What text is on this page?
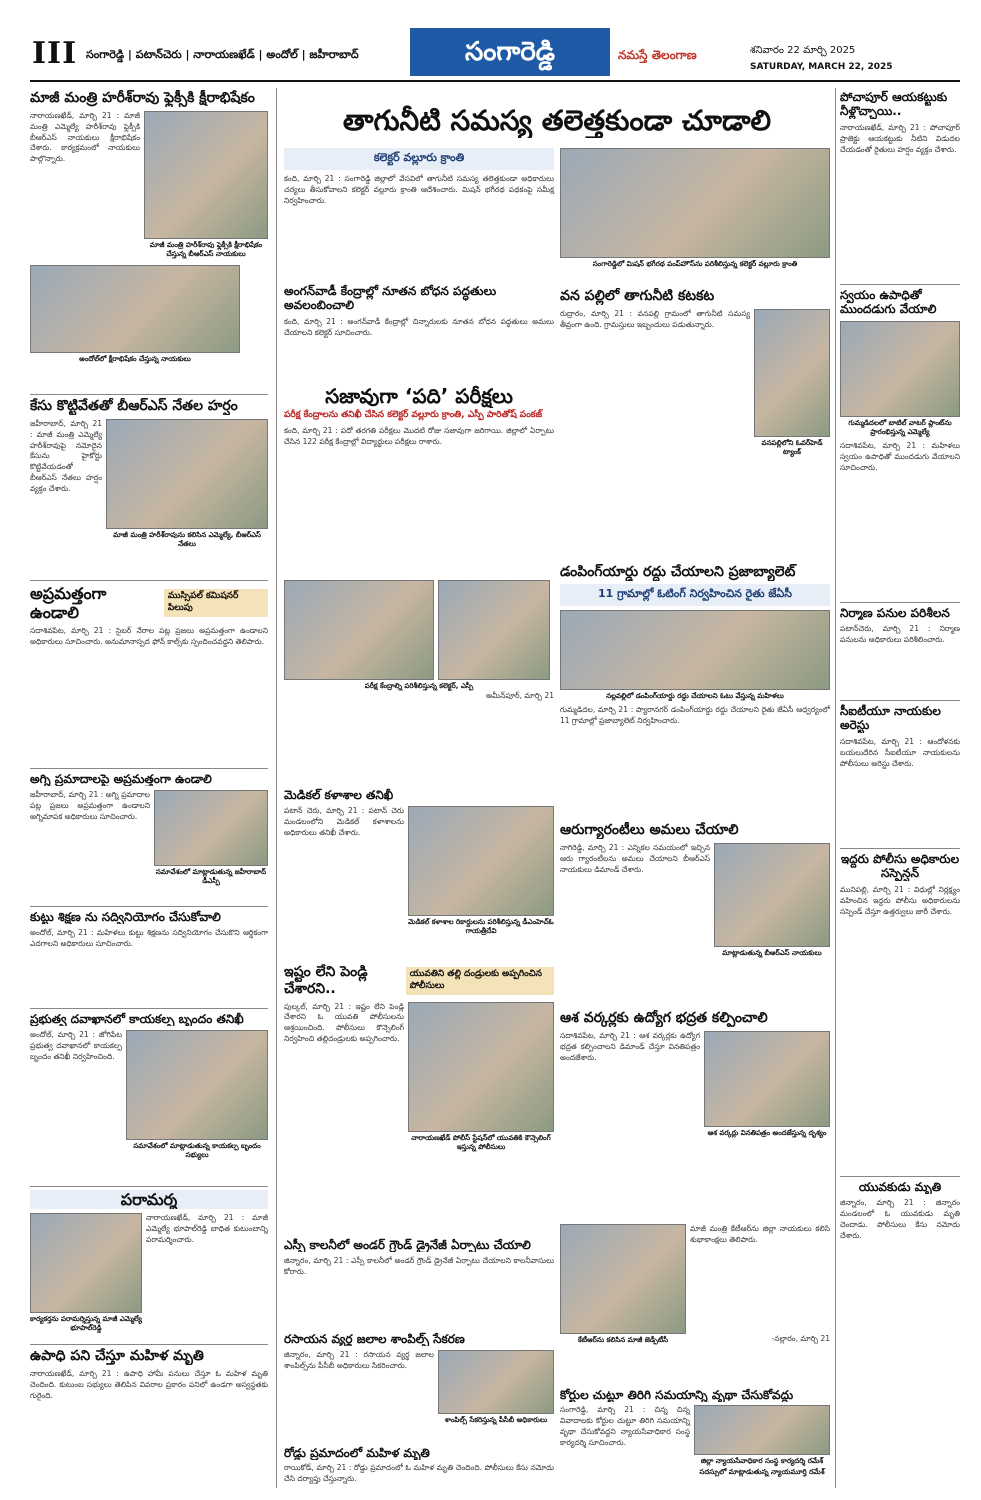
III సంగారెడ్డి | పటాన్‌చెరు | నారాయణఖేడ్ | అందోల్ | జహీరాబాద్	సంగారెడ్డి	నమస్తే తెలంగాణ	శనివారం 22 మార్చి 2025
SATURDAY, MARCH 22, 2025
మాజీ మంత్రి హరీశ్‌రావు ఫ్లెక్సీకి క్షీరాభిషేకం
నారాయణఖేడ్, మార్చి 21 : మాజీ మంత్రి ఎమ్మెల్యే హరీశ్‌రావు ఫ్లెక్సీకి బీఆర్‌ఎస్ నాయకులు క్షీరాభిషేకం చేశారు. కార్యక్రమంలో నాయకులు పాల్గొన్నారు.
మాజీ మంత్రి హరీశ్‌రావు ఫ్లెక్సీకి క్షీరాభిషేకం చేస్తున్న బీఆర్‌ఎస్ నాయకులు
అందోల్‌లో క్షీరాభిషేకం చేస్తున్న నాయకులు
కేసు కొట్టివేతతో బీఆర్‌ఎస్ నేతల హర్షం
జహీరాబాద్, మార్చి 21 : మాజీ మంత్రి ఎమ్మెల్యే హరీశ్‌రావుపై నమోదైన కేసును హైకోర్టు కొట్టివేయడంతో బీఆర్‌ఎస్ నేతలు హర్షం వ్యక్తం చేశారు.
మాజీ మంత్రి హరీశ్‌రావును కలిసిన ఎమ్మెల్యే, బీఆర్‌ఎస్ నేతలు
అప్రమత్తంగా ఉండాలి
ముస్సిపల్ కమిషనర్ పిలుపు
సదాశివపేట, మార్చి 21 : సైబర్ నేరాల పట్ల ప్రజలు అప్రమత్తంగా ఉండాలని అధికారులు సూచించారు. అనుమానాస్పద ఫోన్ కాల్స్‌కు స్పందించవద్దని తెలిపారు.
అగ్ని ప్రమాదాలపై అప్రమత్తంగా ఉండాలి
జహీరాబాద్, మార్చి 21 : అగ్ని ప్రమాదాల పట్ల ప్రజలు అప్రమత్తంగా ఉండాలని అగ్నిమాపక అధికారులు సూచించారు.
సమావేశంలో మాట్లాడుతున్న జహీరాబాద్ డీఎస్పీ
కుట్టు శిక్షణ ను సద్వినియోగం చేసుకోవాలి
అందోల్, మార్చి 21 : మహిళలు కుట్టు శిక్షణను సద్వినియోగం చేసుకొని ఆర్థికంగా ఎదగాలని అధికారులు సూచించారు.
ప్రభుత్వ దవాఖానలో కాయకల్ప బృందం తనిఖీ
అందోల్, మార్చి 21 : జోగిపేట ప్రభుత్వ దవాఖానలో కాయకల్ప బృందం తనిఖీ నిర్వహించింది.
సమావేశంలో మాట్లాడుతున్న కాయకల్ప బృందం సభ్యులు
పరామర్శ
కార్యకర్తను పరామర్శిస్తున్న మాజీ ఎమ్మెల్యే భూపాల్‌రెడ్డి
నారాయణఖేడ్, మార్చి 21 : మాజీ ఎమ్మెల్యే భూపాల్‌రెడ్డి బాధిత కుటుంబాన్ని పరామర్శించారు.
ఉపాధి పని చేస్తూ మహిళ మృతి
నారాయణఖేడ్, మార్చి 21 : ఉపాధి హామీ పనులు చేస్తూ ఓ మహిళ మృతి చెందింది. కుటుంబ సభ్యులు తెలిపిన వివరాల ప్రకారం పనిలో ఉండగా అస్వస్థతకు గురైంది.
తాగునీటి సమస్య తలెత్తకుండా చూడాలి
కలెక్టర్ వల్లూరు క్రాంతి
కంది, మార్చి 21 : సంగారెడ్డి జిల్లాలో వేసవిలో తాగునీటి సమస్య తలెత్తకుండా అధికారులు చర్యలు తీసుకోవాలని కలెక్టర్ వల్లూరు క్రాంతి ఆదేశించారు. మిషన్ భగీరథ పథకంపై సమీక్ష నిర్వహించారు.
సంగారెడ్డిలో మిషన్ భగీరథ పంప్‌హౌస్‌ను పరిశీలిస్తున్న కలెక్టర్ వల్లూరు క్రాంతి
అంగన్‌వాడీ కేంద్రాల్లో నూతన బోధన పద్ధతులు అవలంబించాలి
కంది, మార్చి 21 : అంగన్‌వాడీ కేంద్రాల్లో చిన్నారులకు నూతన బోధన పద్ధతులు అమలు చేయాలని కలెక్టర్ సూచించారు.
వన పల్లిలో తాగునీటి కటకట
రుద్రారం, మార్చి 21 : వనపల్లి గ్రామంలో తాగునీటి సమస్య తీవ్రంగా ఉంది. గ్రామస్తులు ఇబ్బందులు పడుతున్నారు.
వనపల్లిలోని ఓవర్‌హెడ్ ట్యాంక్
సజావుగా ‘పది’ పరీక్షలు
పరీక్ష కేంద్రాలను తనిఖీ చేసిన కలెక్టర్ వల్లూరు క్రాంతి, ఎస్పీ పారితోష్ పంకజ్
కంది, మార్చి 21 : పదో తరగతి పరీక్షలు మొదటి రోజు సజావుగా జరిగాయి. జిల్లాలో ఏర్పాటు చేసిన 122 పరీక్ష కేంద్రాల్లో విద్యార్థులు పరీక్షలు రాశారు.
పరీక్ష కేంద్రాల్ని పరిశీలిస్తున్న కలెక్టర్, ఎస్పీ
అమీన్‌పూర్, మార్చి 21
డంపింగ్‌యార్డు రద్దు చేయాలని ప్రజాబ్యాలెట్
11 గ్రామాల్లో ఓటింగ్ నిర్వహించిన రైతు జేఏసీ
నల్లవల్లిలో డంపింగ్‌యార్డు రద్దు చేయాలని ఓటు వేస్తున్న మహిళలు
గుమ్మడిదల, మార్చి 21 : ప్యారానగర్ డంపింగ్‌యార్డు రద్దు చేయాలని రైతు జేఏసీ ఆధ్వర్యంలో 11 గ్రామాల్లో ప్రజాబ్యాలెట్ నిర్వహించారు.
మెడికల్ కళాశాల తనిఖీ
పటాన్ చెరు, మార్చి 21 : పటాన్ చెరు మండలంలోని మెడికల్ కళాశాలను అధికారులు తనిఖీ చేశారు.
మెడికల్ కళాశాల రికార్డులను పరిశీలిస్తున్న డీఎంహెచ్‌ఓ గాయత్రీదేవి
ఆరుగ్యారంటీలు అమలు చేయాలి
నాగిరెడ్డి, మార్చి 21 : ఎన్నికల సమయంలో ఇచ్చిన ఆరు గ్యారంటీలను అమలు చేయాలని బీఆర్‌ఎస్ నాయకులు డిమాండ్ చేశారు.
మాట్లాడుతున్న బీఆర్‌ఎస్ నాయకులు
ఇష్టం లేని పెండ్లి చేశారని..
యువతిని తల్లి దండ్రులకు అప్పగించిన పోలీసులు
పుల్కల్, మార్చి 21 : ఇష్టం లేని పెండ్లి చేశారని ఓ యువతి పోలీసులను ఆశ్రయించింది. పోలీసులు కౌన్సెలింగ్ నిర్వహించి తల్లిదండ్రులకు అప్పగించారు.
నారాయణఖేడ్ పోలీస్ స్టేషన్‌లో యువతికి కౌన్సెలింగ్ ఇస్తున్న పోలీసులు
ఆశ వర్కర్లకు ఉద్యోగ భద్రత కల్పించాలి
సదాశివపేట, మార్చి 21 : ఆశ వర్కర్లకు ఉద్యోగ భద్రత కల్పించాలని డిమాండ్ చేస్తూ వినతిపత్రం అందజేశారు.
ఆశ వర్కర్లు వినతిపత్రం అందజేస్తున్న దృశ్యం
ఎస్సీ కాలనీలో అండర్ గ్రౌండ్ డ్రైనేజీ ఏర్పాటు చేయాలి
జిన్నారం, మార్చి 21 : ఎస్సీ కాలనీలో అండర్ గ్రౌండ్ డ్రైనేజీ ఏర్పాటు చేయాలని కాలనీవాసులు కోరారు.
కేటీఆర్‌ను కలిసిన మాజీ జెడ్పీటీసీ
మాజీ మంత్రి కేటీఆర్‌ను జిల్లా నాయకులు కలిసి శుభాకాంక్షలు తెలిపారు.
-నల్లారం, మార్చి 21
రసాయన వ్యర్థ జలాల శాంపిల్స్ సేకరణ
జిన్నారం, మార్చి 21 : రసాయన వ్యర్థ జలాల శాంపిల్స్‌ను పీసీబీ అధికారులు సేకరించారు.
శాంపిల్స్ సేకరిస్తున్న పీసీబీ అధికారులు
రోడ్డు ప్రమాదంలో మహిళ మృతి
రాయికోడ్, మార్చి 21 : రోడ్డు ప్రమాదంలో ఓ మహిళ మృతి చెందింది. పోలీసులు కేసు నమోదు చేసి దర్యాప్తు చేస్తున్నారు.
కోర్టుల చుట్టూ తిరిగి సమయాన్ని వృథా చేసుకోవద్దు
సంగారెడ్డి, మార్చి 21 : చిన్న చిన్న వివాదాలకు కోర్టుల చుట్టూ తిరిగి సమయాన్ని వృథా చేసుకోవద్దని న్యాయసేవాధికార సంస్థ కార్యదర్శి సూచించారు.
జిల్లా న్యాయసేవాధికార సంస్థ కార్యదర్శి రమేశ్
సదస్సులో మాట్లాడుతున్న న్యాయమూర్తి రమేశ్
పోచాపూర్ ఆయకట్టుకు నీళ్లొచ్చాయి..
నారాయణఖేడ్, మార్చి 21 : పోచాపూర్ ప్రాజెక్టు ఆయకట్టుకు నీటిని విడుదల చేయడంతో రైతులు హర్షం వ్యక్తం చేశారు.
స్వయం ఉపాధితో ముందడుగు వేయాలి
గుమ్మడిదలలో బాటిల్ వాటర్ ప్లాంట్‌ను ప్రారంభిస్తున్న ఎమ్మెల్యే
సదాశివపేట, మార్చి 21 : మహిళలు స్వయం ఉపాధితో ముందడుగు వేయాలని సూచించారు.
నిర్మాణ పనుల పరిశీలన
పటాన్‌చెరు, మార్చి 21 : నిర్మాణ పనులను అధికారులు పరిశీలించారు.
సీఐటీయూ నాయకుల అరెస్టు
సదాశివపేట, మార్చి 21 : ఆందోళనకు బయలుదేరిన సీఐటీయూ నాయకులను పోలీసులు అరెస్టు చేశారు.
ఇద్దరు పోలీసు అధికారుల సస్పెన్షన్
మునిపల్లి, మార్చి 21 : విధుల్లో నిర్లక్ష్యం వహించిన ఇద్దరు పోలీసు అధికారులను సస్పెండ్ చేస్తూ ఉత్తర్వులు జారీ చేశారు.
యువకుడు మృతి
జిన్నారం, మార్చి 21 : జిన్నారం మండలంలో ఓ యువకుడు మృతి చెందాడు. పోలీసులు కేసు నమోదు చేశారు.
